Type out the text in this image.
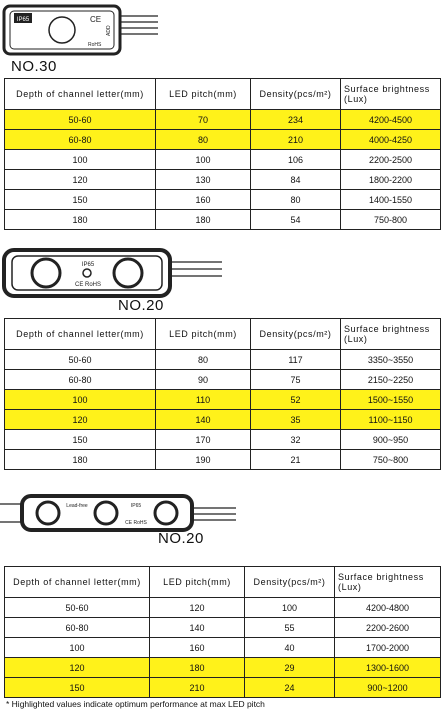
IP65	CE
RoHS
ADD
NO.30
Depth of channel letter(mm)	LED pitch(mm)	Density(pcs/m²)	Surface brightness (Lux)
50-60	70	234	4200-4500
60-80	80	210	4000-4250
100	100	106	2200-2500
120	130	84	1800-2200
150	160	80	1400-1550
180	180	54	750-800
IP65
CE RoHS
NO.20
Depth of channel letter(mm)	LED pitch(mm)	Density(pcs/m²)	Surface brightness (Lux)
50-60	80	117	3350~3550
60-80	90	75	2150~2250
100	110	52	1500~1550
120	140	35	1100~1150
150	170	32	900~950
180	190	21	750~800
Lead-free	IP65
CE RoHS
NO.20
Depth of channel letter(mm)	LED pitch(mm)	Density(pcs/m²)	Surface brightness (Lux)
50-60	120	100	4200-4800
60-80	140	55	2200-2600
100	160	40	1700-2000
120	180	29	1300-1600
150	210	24	900~1200
* Highlighted values indicate optimum performance at max LED pitch
